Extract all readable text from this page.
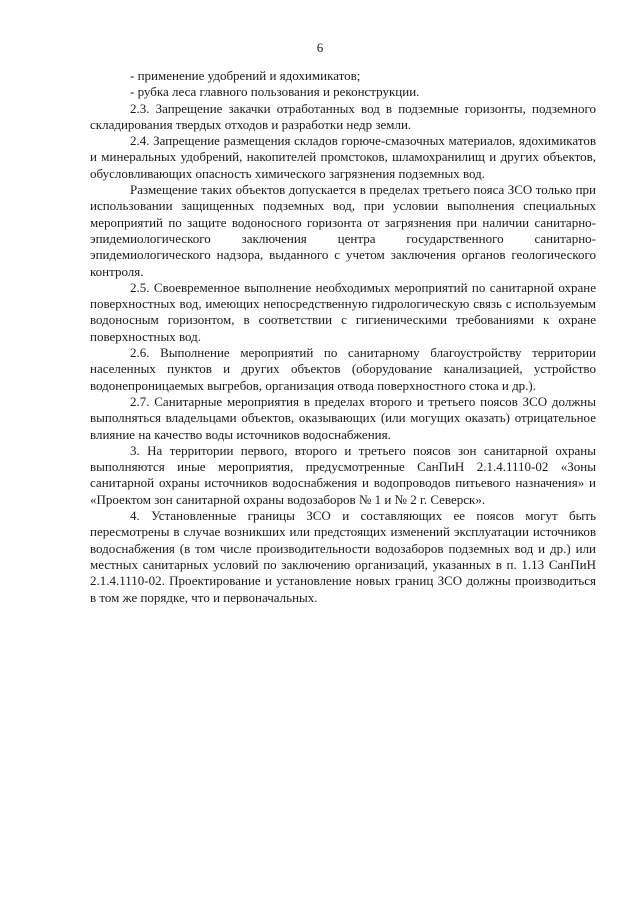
6

- применение удобрений и ядохимикатов;

- рубка леса главного пользования и реконструкции.

2.3. Запрещение закачки отработанных вод в подземные горизонты, подземного складирования твердых отходов и разработки недр земли.

2.4. Запрещение размещения складов горюче-смазочных материалов, ядохимикатов и минеральных удобрений, накопителей промстоков, шламохранилищ и других объектов, обусловливающих опасность химического загрязнения подземных вод.

Размещение таких объектов допускается в пределах третьего пояса ЗСО только при использовании защищенных подземных вод, при условии выполнения специальных мероприятий по защите водоносного горизонта от загрязнения при наличии санитарно-эпидемиологического заключения центра государственного санитарно-эпидемиологического надзора, выданного с учетом заключения органов геологического контроля.

2.5. Своевременное выполнение необходимых мероприятий по санитарной охране поверхностных вод, имеющих непосредственную гидрологическую связь с используемым водоносным горизонтом, в соответствии с гигиеническими требованиями к охране поверхностных вод.

2.6. Выполнение мероприятий по санитарному благоустройству территории населенных пунктов и других объектов (оборудование канализацией, устройство водонепроницаемых выгребов, организация отвода поверхностного стока и др.).

2.7. Санитарные мероприятия в пределах второго и третьего поясов ЗСО должны выполняться владельцами объектов, оказывающих (или могущих оказать) отрицательное влияние на качество воды источников водоснабжения.

3. На территории первого, второго и третьего поясов зон санитарной охраны выполняются иные мероприятия, предусмотренные СанПиН 2.1.4.1110-02 «Зоны санитарной охраны источников водоснабжения и водопроводов питьевого назначения» и «Проектом зон санитарной охраны водозаборов № 1 и № 2 г. Северск».

4. Установленные границы ЗСО и составляющих ее поясов могут быть пересмотрены в случае возникших или предстоящих изменений эксплуатации источников водоснабжения (в том числе производительности водозаборов подземных вод и др.) или местных санитарных условий по заключению организаций, указанных в п. 1.13 СанПиН 2.1.4.1110-02. Проектирование и установление новых границ ЗСО должны производиться в том же порядке, что и первоначальных.
